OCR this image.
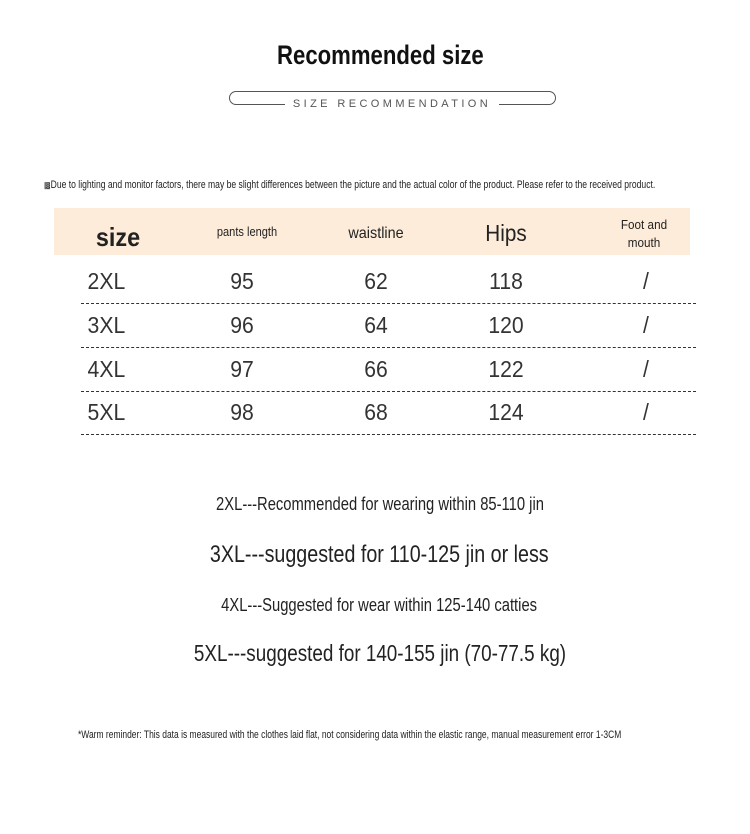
Recommended size
SIZE RECOMMENDATION
▩Due to lighting and monitor factors, there may be slight differences between the picture and the actual color of the product. Please refer to the received product.
size	pants length	waistline	Hips	Foot and mouth
2XL	95	62	118	/
3XL	96	64	120	/
4XL	97	66	122	/
5XL	98	68	124	/
2XL---Recommended for wearing within 85-110 jin
3XL---suggested for 110-125 jin or less
4XL---Suggested for wear within 125-140 catties
5XL---suggested for 140-155 jin (70-77.5 kg)
*Warm reminder: This data is measured with the clothes laid flat, not considering data within the elastic range, manual measurement error 1-3CM
